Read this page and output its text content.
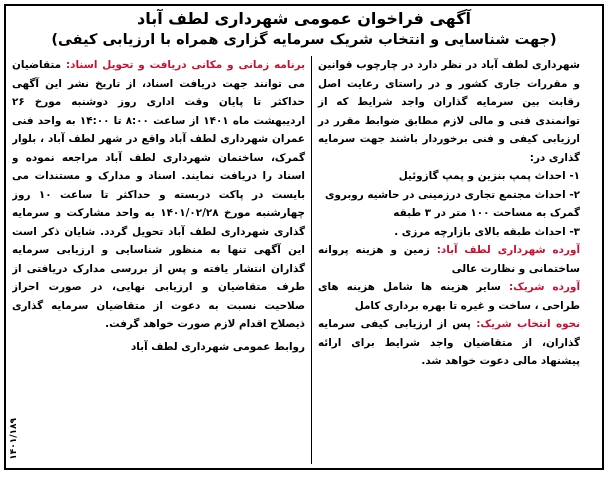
آگهی فراخوان عمومی شهرداری لطف آباد
(جهت شناسایی و انتخاب شریک سرمایه گزاری همراه با ارزیابی کیفی)

شهرداری لطف آباد در نظر دارد در چارچوب قوانین و مقررات جاری کشور و در راستای رعایت اصل رقابت بین سرمایه گذاران واجد شرایط که از توانمندی فنی و مالی لازم مطابق ضوابط مقرر در ارزیابی کیفی و فنی برخوردار باشند جهت سرمایه گذاری در:

۱- احداث پمپ بنزین و پمپ گازوئیل

۲- احداث مجتمع تجاری درزمینی در حاشیه روبروی گمرک به مساحت ۱۰۰ متر در ۳ طبقه

۳- احداث طبقه بالای بازارچه مرزی .

آورده شهرداری لطف آباد: زمین و هزینه پروانه ساختمانی و نظارت عالی

آورده شریک: سایر هزینه ها شامل هزینه های طراحی ، ساخت و غیره تا بهره برداری کامل

نحوه انتخاب شریک: پس از ارزیابی کیفی سرمایه گذاران، از متقاضیان واجد شرایط برای ارائه پیشنهاد مالی دعوت خواهد شد.

برنامه زمانی و مکانی دریافت و تحویل اسناد: متقاضیان می توانند جهت دریافت اسناد، از تاریخ نشر این آگهی حداکثر تا پایان وقت اداری روز دوشنبه مورخ ۲۶ اردیبهشت ماه ۱۴۰۱ از ساعت ۸:۰۰ تا ۱۴:۰۰ به واحد فنی عمران شهرداری لطف آباد واقع در شهر لطف آباد ، بلوار گمرک، ساختمان شهرداری لطف آباد مراجعه نموده و اسناد را دریافت نمایند. اسناد و مدارک و مستندات می بایست در پاکت دربسته و حداکثر تا ساعت ۱۰ روز چهارشنبه مورخ ۱۴۰۱/۰۲/۲۸ به واحد مشارکت و سرمایه گذاری شهرداری لطف آباد تحویل گردد. شایان ذکر است این آگهی تنها به منظور شناسایی و ارزیابی سرمایه گذاران انتشار یافته و پس از بررسی مدارک دریافتی از طرف متقاضیان و ارزیابی نهایی، در صورت احراز صلاحیت نسبت به دعوت از متقاضیان سرمایه گذاری ذیصلاح اقدام لازم صورت خواهد گرفت.

روابط عمومی شهرداری لطف آباد
۱۴۰۱/۱۸۹
